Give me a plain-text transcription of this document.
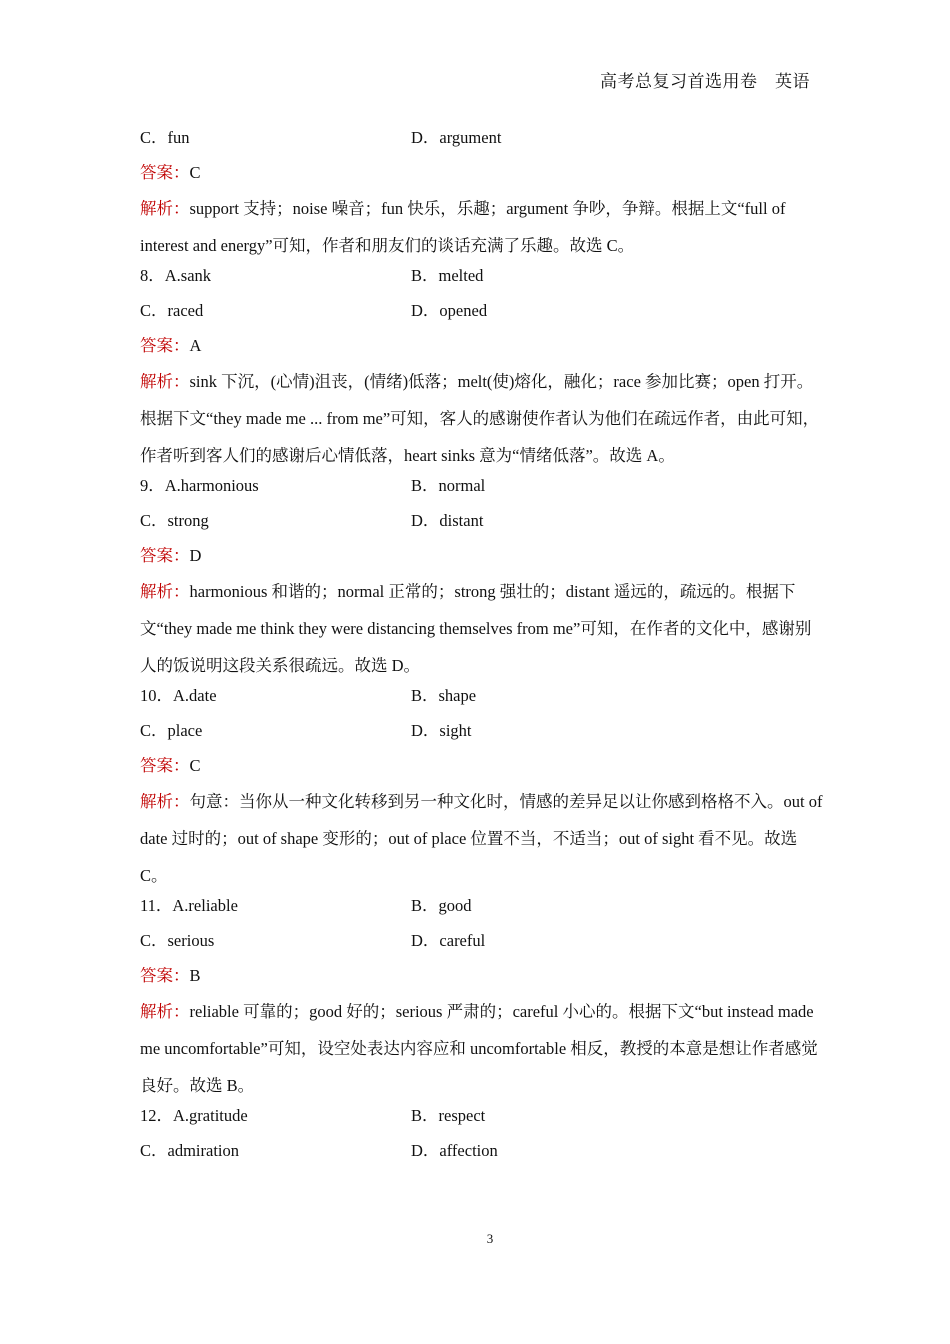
高考总复习首选用卷　英语
C．fun	D．argument
答案：C

解析：support 支持；noise 噪音；fun 快乐，乐趣；argument 争吵，争辩。根据上文“full of interest and energy”可知，作者和朋友们的谈话充满了乐趣。故选 C。

8．A.sank	B．melted
C．raced	D．opened
答案：A

解析：sink 下沉，(心情)沮丧，(情绪)低落；melt(使)熔化，融化；race 参加比赛；open 打开。根据下文“they made me ... from me”可知，客人的感谢使作者认为他们在疏远作者，由此可知，作者听到客人们的感谢后心情低落，heart sinks 意为“情绪低落”。故选 A。

9．A.harmonious	B．normal
C．strong	D．distant
答案：D

解析：harmonious 和谐的；normal 正常的；strong 强壮的；distant 遥远的，疏远的。根据下文“they made me think they were distancing themselves from me”可知，在作者的文化中，感谢别人的饭说明这段关系很疏远。故选 D。

10．A.date	B．shape
C．place	D．sight
答案：C

解析：句意：当你从一种文化转移到另一种文化时，情感的差异足以让你感到格格不入。out of date 过时的；out of shape 变形的；out of place 位置不当，不适当；out of sight 看不见。故选 C。

11．A.reliable	B．good
C．serious	D．careful
答案：B

解析：reliable 可靠的；good 好的；serious 严肃的；careful 小心的。根据下文“but instead made me uncomfortable”可知，设空处表达内容应和 uncomfortable 相反，教授的本意是想让作者感觉良好。故选 B。

12．A.gratitude	B．respect
C．admiration	D．affection
3
